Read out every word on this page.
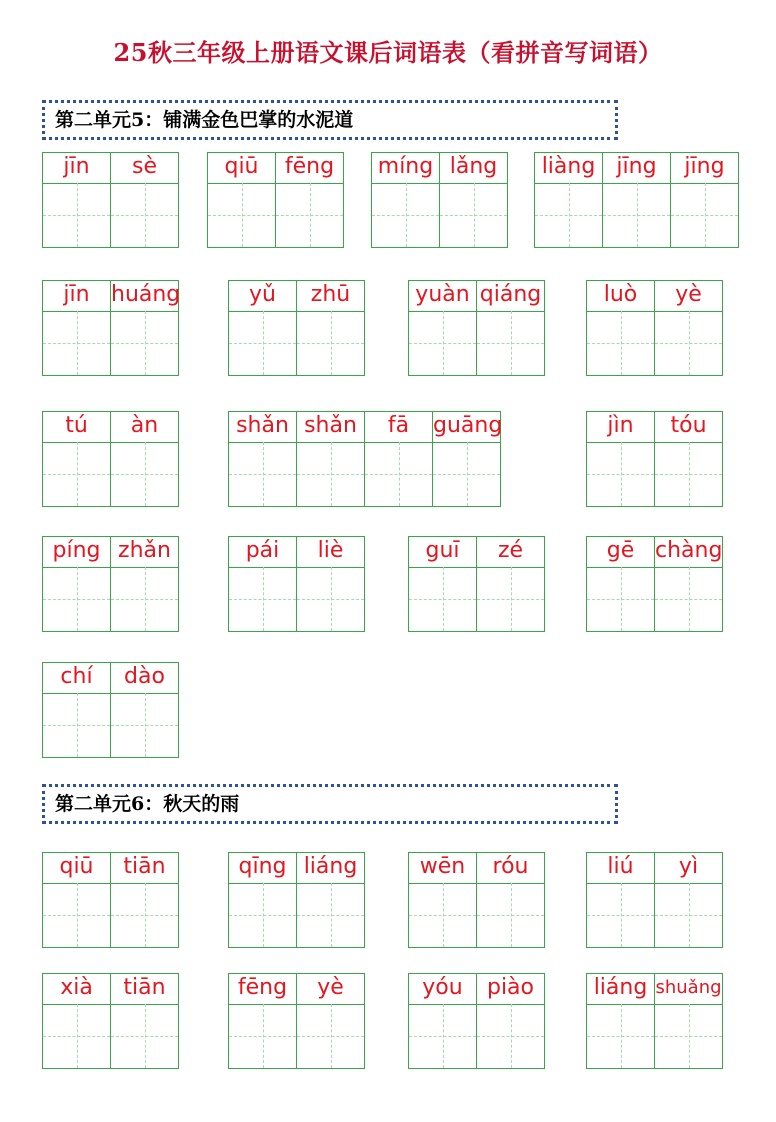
25秋三年级上册语文课后词语表（看拼音写词语）
第二单元5：铺满金色巴掌的水泥道
第二单元6：秋天的雨
jīn	sè	qiū	fēng	míng lǎng	liàng jīng	jīng
jīn huáng	yǔ	zhū	yuàn qiáng	luò	yè
tú	àn	shǎn shǎn	fā	guāng	jìn	tóu
píng zhǎn	pái	liè	guī	zé	gē chàng
chí	dào
qiū	tiān	qīng liáng	wēn	róu	liú	yì
xià	tiān	fēng	yè	yóu	piào	liáng shuǎng
